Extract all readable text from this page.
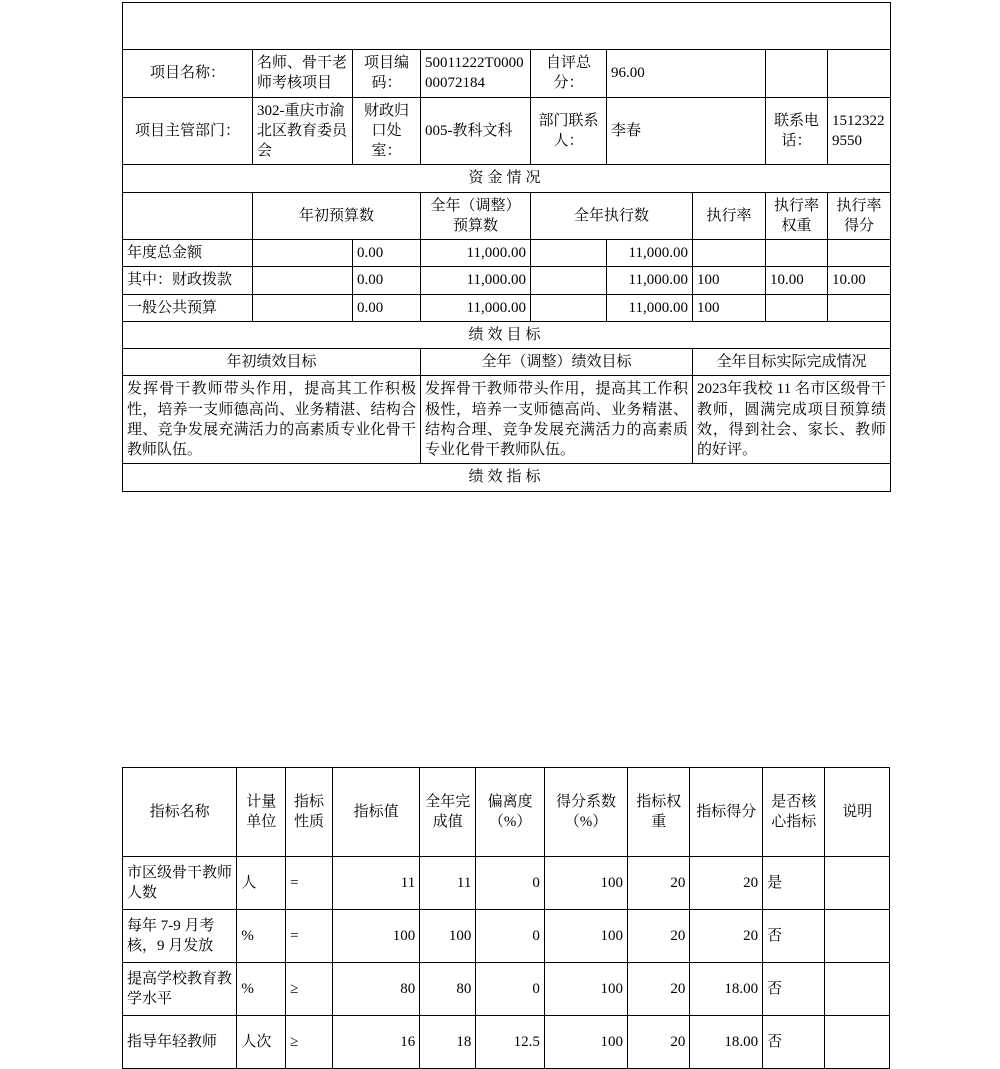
项目名称：	名师、骨干老师考核项目	项目编码：	50011222T000000072184	自评总分：	96.00			
项目主管部门：	302-重庆市渝北区教育委员会	财政归口处室：	005-教科文科	部门联系人：	李春		联系电话：	15123229550
资金情况								
	年初预算数		全年（调整）预算数	全年执行数		执行率	执行率权重	执行率得分
年度总金额		0.00	11,000.00		11,000.00			
其中：财政拨款		0.00	11,000.00		11,000.00	100	10.00	10.00
一般公共预算		0.00	11,000.00		11,000.00	100		
绩效目标								
年初绩效目标			全年（调整）绩效目标			全年目标实际完成情况		
发挥骨干教师带头作用，提高其工作积极性，培养一支师德高尚、业务精湛、结构合理、竞争发展充满活力的高素质专业化骨干教师队伍。			发挥骨干教师带头作用，提高其工作积极性，培养一支师德高尚、业务精湛、结构合理、竞争发展充满活力的高素质专业化骨干教师队伍。			2023年我校 11 名市区级骨干教师，圆满完成项目预算绩效，得到社会、家长、教师的好评。		
绩效指标								
指标名称	计量单位	指标性质	指标值	全年完成值	偏离度（%）	得分系数（%）	指标权重	指标得分	是否核心指标	说明
市区级骨干教师人数	人	=	11	11	0	100	20	20	是	
每年 7-9 月考核，9 月发放	%	=	100	100	0	100	20	20	否	
提高学校教育教学水平	%	≥	80	80	0	100	20	18.00	否	
指导年轻教师	人次	≥	16	18	12.5	100	20	18.00	否	
